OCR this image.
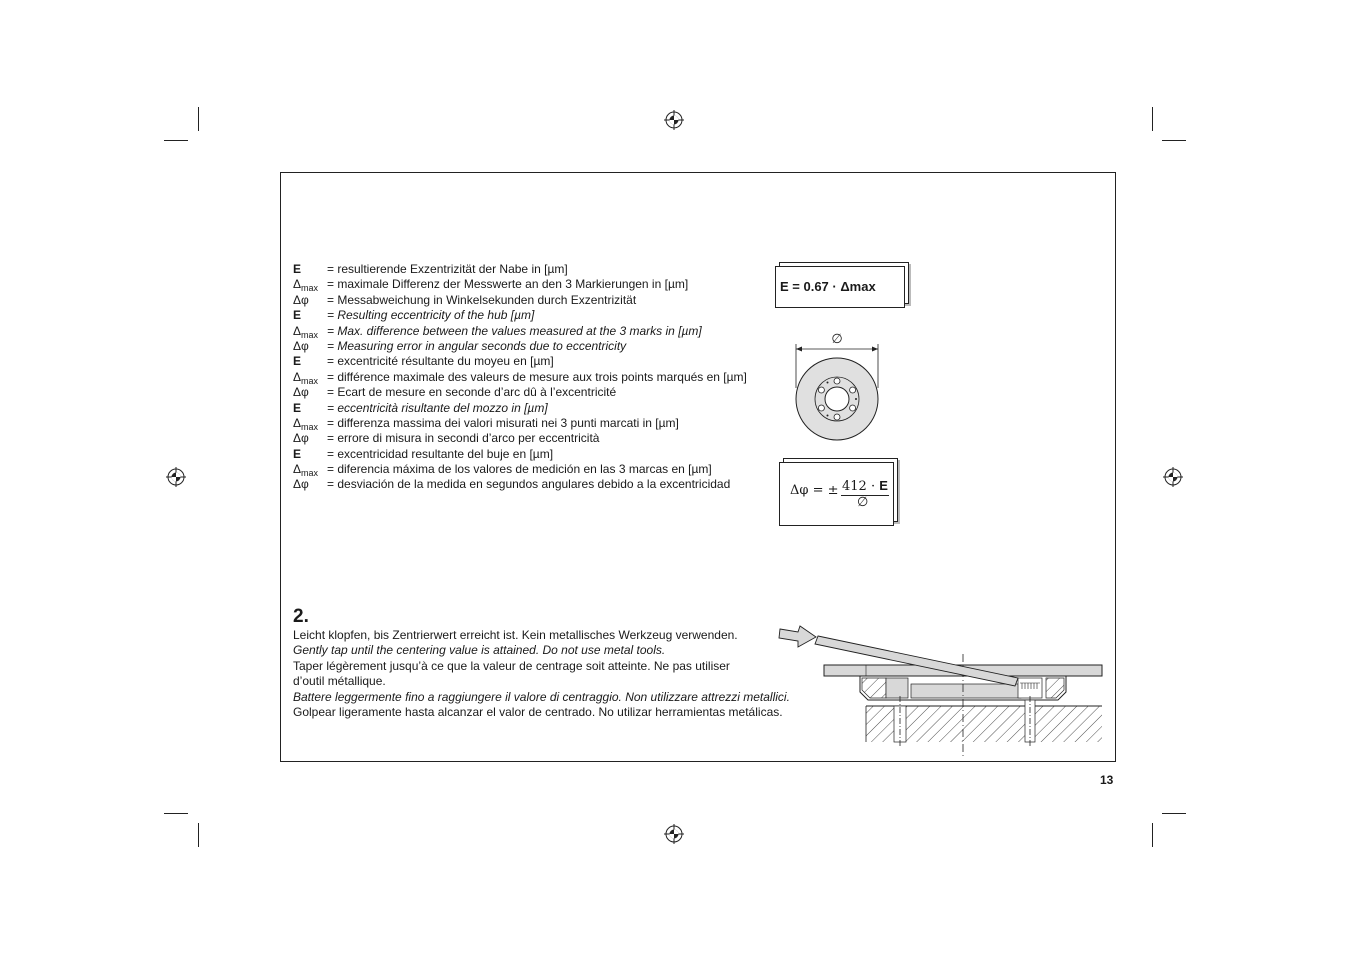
E	= resultierende Exzentrizität der Nabe in [µm]
$\Delta_{max}$ = maximale Differenz der Messwerte an den 3 Markierungen in [µm]
Δφ	= Messabweichung in Winkelsekunden durch Exzentrizität
E	= Resulting eccentricity of the hub [µm]
$\Delta_{max}$ = Max. difference between the values measured at the 3 marks in [µm]
Δφ	= Measuring error in angular seconds due to eccentricity
E	= excentricité résultante du moyeu en [µm]
$\Delta_{max}$ = différence maximale des valeurs de mesure aux trois points marqués en [µm]
Δφ	= Ecart de mesure en seconde d’arc dû à l’excentricité
E	= eccentricità risultante del mozzo in [µm]
$\Delta_{max}$ = differenza massima dei valori misurati nei 3 punti marcati in [µm]
Δφ	= errore di misura in secondi d’arco per eccentricità
E	= excentricidad resultante del buje en [µm]
$\Delta_{max}$ = diferencia máxima de los valores de medición en las 3 marcas en [µm]
Δφ	= desviación de la medida en segundos angulares debido a la excentricidad
E = 0.67 · Δmax
∅
Δφ = ± 412 · E
∅
2.
Leicht klopfen, bis Zentrierwert erreicht ist. Kein metallisches Werkzeug verwenden.
Gently tap until the centering value is attained. Do not use metal tools.
Taper légèrement jusqu’à ce que la valeur de centrage soit atteinte. Ne pas utiliser
d’outil métallique.
Battere leggermente fino a raggiungere il valore di centraggio. Non utilizzare attrezzi metallici.
Golpear ligeramente hasta alcanzar el valor de centrado. No utilizar herramientas metálicas.
13
